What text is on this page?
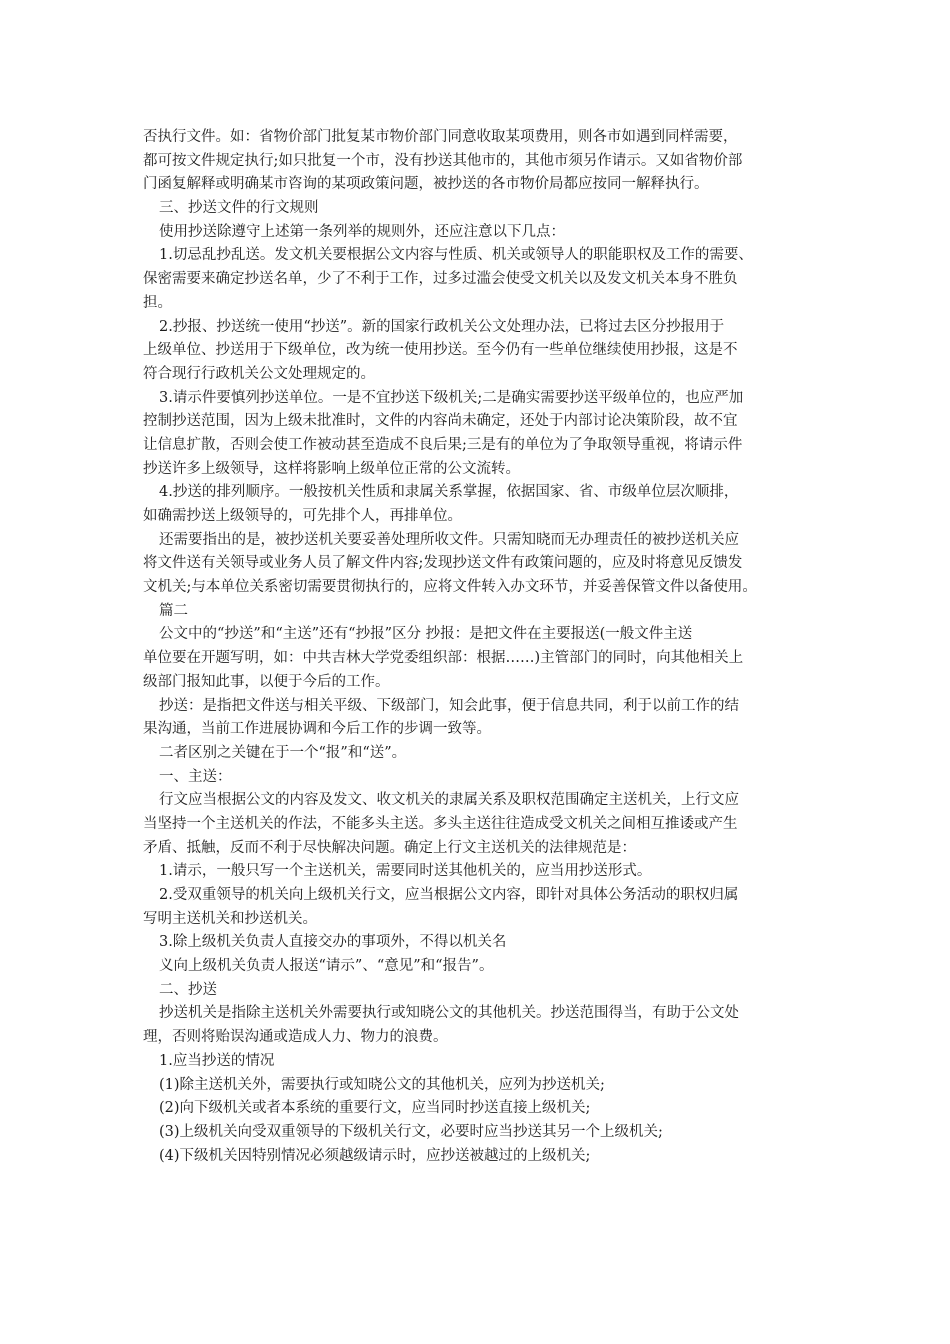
否执行文件。如：省物价部门批复某市物价部门同意收取某项费用，则各市如遇到同样需要，
都可按文件规定执行;如只批复一个市，没有抄送其他市的，其他市须另作请示。又如省物价部
门函复解释或明确某市咨询的某项政策问题，被抄送的各市物价局都应按同一解释执行。
三、抄送文件的行文规则
使用抄送除遵守上述第一条列举的规则外，还应注意以下几点：
1.切忌乱抄乱送。发文机关要根据公文内容与性质、机关或领导人的职能职权及工作的需要、
保密需要来确定抄送名单，少了不利于工作，过多过滥会使受文机关以及发文机关本身不胜负
担。
2.抄报、抄送统一使用“抄送”。新的国家行政机关公文处理办法，已将过去区分抄报用于
上级单位、抄送用于下级单位，改为统一使用抄送。至今仍有一些单位继续使用抄报，这是不
符合现行行政机关公文处理规定的。
3.请示件要慎列抄送单位。一是不宜抄送下级机关;二是确实需要抄送平级单位的，也应严加
控制抄送范围，因为上级未批准时，文件的内容尚未确定，还处于内部讨论决策阶段，故不宜
让信息扩散，否则会使工作被动甚至造成不良后果;三是有的单位为了争取领导重视，将请示件
抄送许多上级领导，这样将影响上级单位正常的公文流转。
4.抄送的排列顺序。一般按机关性质和隶属关系掌握，依据国家、省、市级单位层次顺排，
如确需抄送上级领导的，可先排个人，再排单位。
还需要指出的是，被抄送机关要妥善处理所收文件。只需知晓而无办理责任的被抄送机关应
将文件送有关领导或业务人员了解文件内容;发现抄送文件有政策问题的，应及时将意见反馈发
文机关;与本单位关系密切需要贯彻执行的，应将文件转入办文环节，并妥善保管文件以备使用。
篇二
公文中的“抄送”和“主送”还有“抄报”区分 抄报：是把文件在主要报送(一般文件主送
单位要在开题写明，如：中共吉林大学党委组织部：根据……)主管部门的同时，向其他相关上
级部门报知此事，以便于今后的工作。
抄送：是指把文件送与相关平级、下级部门，知会此事，便于信息共同，利于以前工作的结
果沟通，当前工作进展协调和今后工作的步调一致等。
二者区别之关键在于一个“报”和“送”。
一、主送：
行文应当根据公文的内容及发文、收文机关的隶属关系及职权范围确定主送机关，上行文应
当坚持一个主送机关的作法，不能多头主送。多头主送往往造成受文机关之间相互推诿或产生
矛盾、抵触，反而不利于尽快解决问题。确定上行文主送机关的法律规范是：
1.请示，一般只写一个主送机关，需要同时送其他机关的，应当用抄送形式。
2.受双重领导的机关向上级机关行文，应当根据公文内容，即针对具体公务活动的职权归属
写明主送机关和抄送机关。
3.除上级机关负责人直接交办的事项外，不得以机关名
义向上级机关负责人报送“请示”、“意见”和“报告”。
二、抄送
抄送机关是指除主送机关外需要执行或知晓公文的其他机关。抄送范围得当，有助于公文处
理，否则将贻误沟通或造成人力、物力的浪费。
1.应当抄送的情况
(1)除主送机关外，需要执行或知晓公文的其他机关，应列为抄送机关;
(2)向下级机关或者本系统的重要行文，应当同时抄送直接上级机关;
(3)上级机关向受双重领导的下级机关行文，必要时应当抄送其另一个上级机关;
(4)下级机关因特别情况必须越级请示时，应抄送被越过的上级机关;
